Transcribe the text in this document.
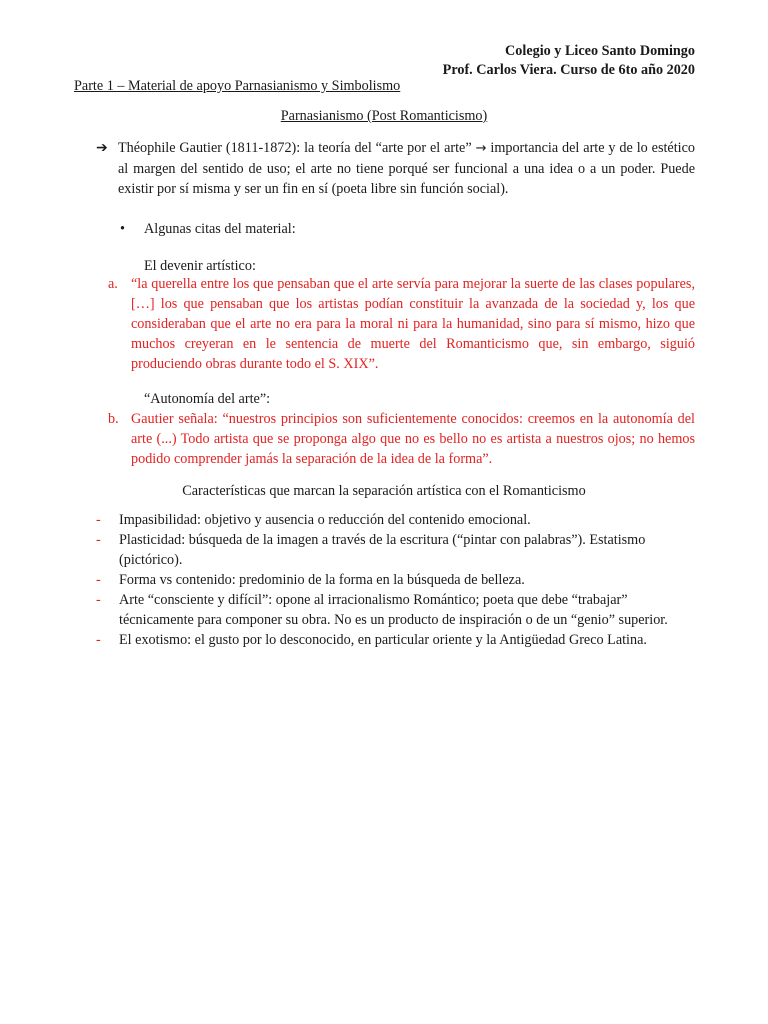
Colegio y Liceo Santo Domingo
Prof. Carlos Viera. Curso de 6to año 2020
Parte 1 – Material de apoyo Parnasianismo y Simbolismo
Parnasianismo (Post Romanticismo)
➔ Théophile Gautier (1811-1872): la teoría del “arte por el arte” → importancia del arte y de lo estético al margen del sentido de uso; el arte no tiene porqué ser funcional a una idea o a un poder. Puede existir por sí misma y ser un fin en sí (poeta libre sin función social).
• Algunas citas del material:
El devenir artístico:
a. “la querella entre los que pensaban que el arte servía para mejorar la suerte de las clases populares, […] los que pensaban que los artistas podían constituir la avanzada de la sociedad y, los que consideraban que el arte no era para la moral ni para la humanidad, sino para sí mismo, hizo que muchos creyeran en le sentencia de muerte del Romanticismo que, sin embargo, siguió produciendo obras durante todo el S. XIX”.
“Autonomía del arte”:
b. Gautier señala: “nuestros principios son suficientemente conocidos: creemos en la autonomía del arte (...) Todo artista que se proponga algo que no es bello no es artista a nuestros ojos; no hemos podido comprender jamás la separación de la idea de la forma”.
Características que marcan la separación artística con el Romanticismo
- Impasibilidad: objetivo y ausencia o reducción del contenido emocional.
- Plasticidad: búsqueda de la imagen a través de la escritura (“pintar con palabras”). Estatismo (pictórico).
- Forma vs contenido: predominio de la forma en la búsqueda de belleza.
- Arte “consciente y difícil”: opone al irracionalismo Romántico; poeta que debe “trabajar” técnicamente para componer su obra. No es un producto de inspiración o de un “genio” superior.
- El exotismo: el gusto por lo desconocido, en particular oriente y la Antigüedad Greco Latina.
